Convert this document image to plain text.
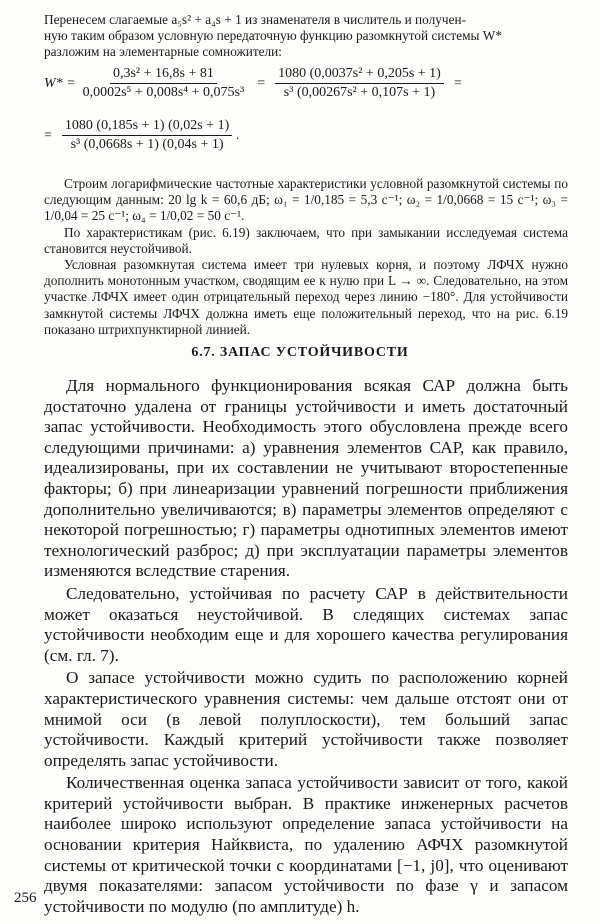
Перенесем слагаемые a₅s² + a₄s + 1 из знаменателя в числитель и получен-
ную таким образом условную передаточную функцию разомкнутой системы W*
разложим на элементарные сомножители:
$W* = \frac{\text{0,3s² + 16,8s + 81}}{\text{0,0002s⁵ + 0,008s⁴ + 0,075s³}} = \frac{\text{1080 (0,0037s² + 0,205s + 1)}}{\text{s³ (0,00267s² + 0,107s + 1)}}$ =
= $\frac{1080 (0,185s + 1) (0,02s + 1)}{\text{s³ (0,0668s + 1) (0,04s + 1)}}$ .

Строим логарифмические частотные характеристики условной разомкнутой системы по следующим данным: 20 lg k = 60,6 дБ; ω₁ = 1/0,185 = 5,3 с⁻¹; ω₂ = 1/0,0668 = 15 с⁻¹; ω₃ = 1/0,04 = 25 с⁻¹; ω₄ = 1/0,02 = 50 с⁻¹.

По характеристикам (рис. 6.19) заключаем, что при замыкании исследуемая система становится неустойчивой.

Условная разомкнутая система имеет три нулевых корня, и поэтому ЛФЧХ нужно дополнить монотонным участком, сводящим ее к нулю при L → ∞. Следовательно, на этом участке ЛФЧХ имеет один отрицательный переход через линию −180°. Для устойчивости замкнутой системы ЛФЧХ должна иметь еще положительный переход, что на рис. 6.19 показано штрихпунктирной линией.

6.7. ЗАПАС УСТОЙЧИВОСТИ

Для нормального функционирования всякая САР должна быть достаточно удалена от границы устойчивости и иметь достаточный запас устойчивости. Необходимость этого обусловлена прежде всего следующими причинами: а) уравнения элементов САР, как правило, идеализированы, при их составлении не учитывают второстепенные факторы; б) при линеаризации уравнений погрешности приближения дополнительно увеличиваются; в) параметры элементов определяют с некоторой погрешностью; г) параметры однотипных элементов имеют технологический разброс; д) при эксплуатации параметры элементов изменяются вследствие старения.

Следовательно, устойчивая по расчету САР в действительности может оказаться неустойчивой. В следящих системах запас устойчивости необходим еще и для хорошего качества регулирования (см. гл. 7).

О запасе устойчивости можно судить по расположению корней характеристического уравнения системы: чем дальше отстоят они от мнимой оси (в левой полуплоскости), тем больший запас устойчивости. Каждый критерий устойчивости также позволяет определять запас устойчивости.

Количественная оценка запаса устойчивости зависит от того, какой критерий устойчивости выбран. В практике инженерных расчетов наиболее широко используют определение запаса устойчивости на основании критерия Найквиста, по удалению АФЧХ разомкнутой системы от критической точки с координатами [−1, j0], что оценивают двумя показателями: запасом устойчивости по фазе γ и запасом устойчивости по модулю (по амплитуде) h.

256
